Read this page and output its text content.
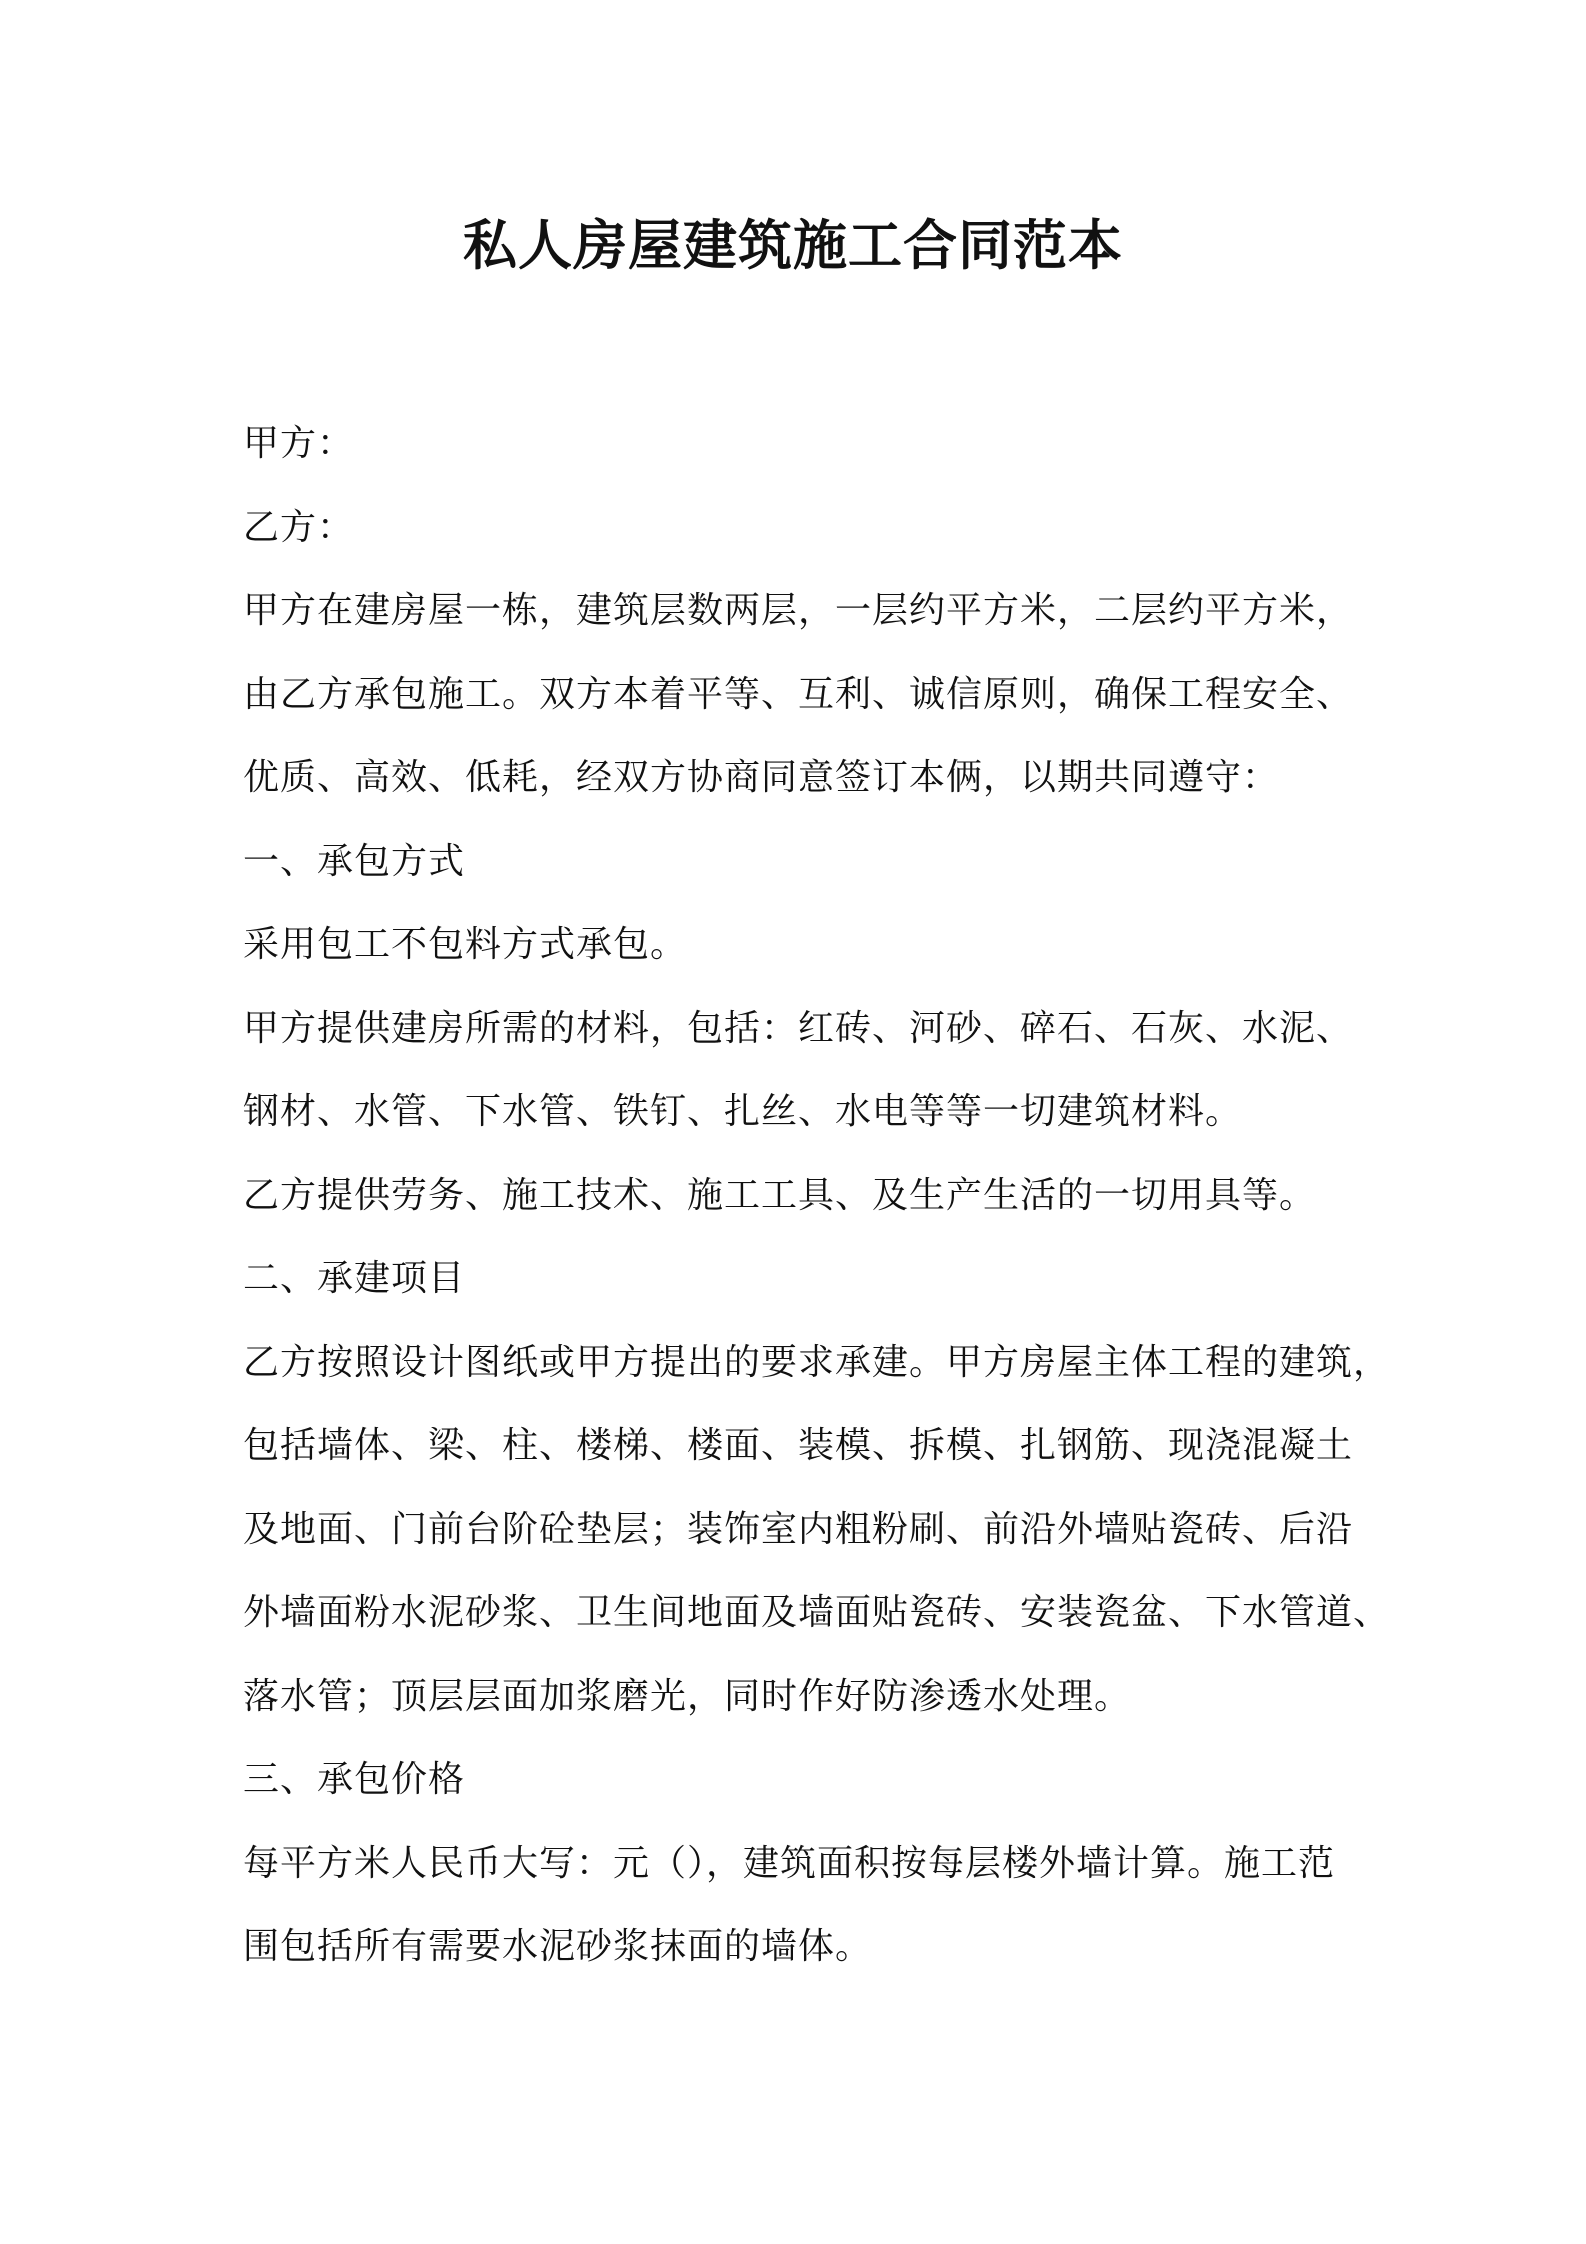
私人房屋建筑施工合同范本
甲方：
乙方：
甲方在建房屋一栋，建筑层数两层，一层约平方米，二层约平方米，
由乙方承包施工。双方本着平等、互利、诚信原则，确保工程安全、
优质、高效、低耗，经双方协商同意签订本俩，以期共同遵守：
一、承包方式
采用包工不包料方式承包。
甲方提供建房所需的材料，包括：红砖、河砂、碎石、石灰、水泥、
钢材、水管、下水管、铁钉、扎丝、水电等等一切建筑材料。
乙方提供劳务、施工技术、施工工具、及生产生活的一切用具等。
二、承建项目
乙方按照设计图纸或甲方提出的要求承建。甲方房屋主体工程的建筑，
包括墙体、梁、柱、楼梯、楼面、装模、拆模、扎钢筋、现浇混凝土
及地面、门前台阶砼垫层；装饰室内粗粉刷、前沿外墙贴瓷砖、后沿
外墙面粉水泥砂浆、卫生间地面及墙面贴瓷砖、安装瓷盆、下水管道、
落水管；顶层层面加浆磨光，同时作好防渗透水处理。
三、承包价格
每平方米人民币大写：元（），建筑面积按每层楼外墙计算。施工范
围包括所有需要水泥砂浆抹面的墙体。
